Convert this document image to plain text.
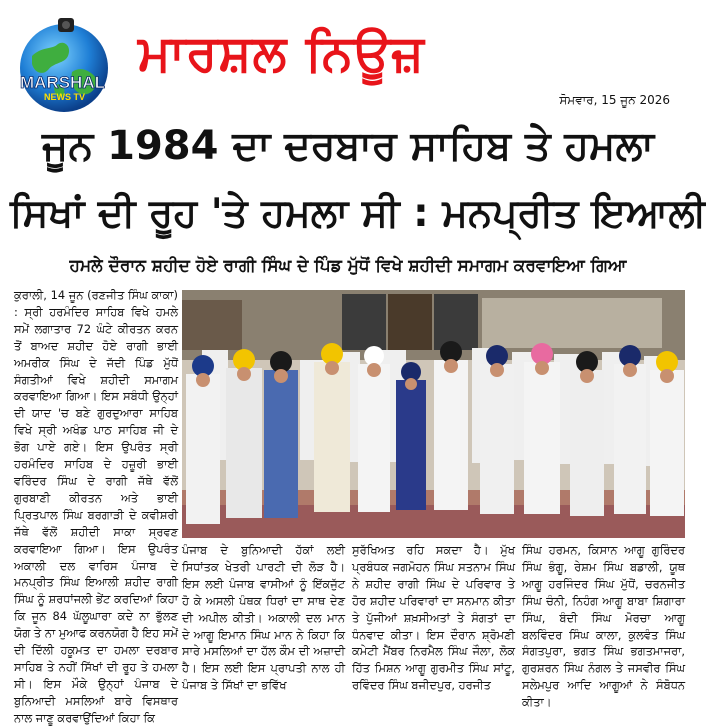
MARSHAL
NEWS TV
ਮਾਰਸ਼ਲ ਨਿਊਜ਼
ਸੋਮਵਾਰ, 15 ਜੂਨ 2026
ਜੂਨ 1984 ਦਾ ਦਰਬਾਰ ਸਾਹਿਬ ਤੇ ਹਮਲਾ
ਸਿਖਾਂ ਦੀ ਰੂਹ 'ਤੇ ਹਮਲਾ ਸੀ : ਮਨਪ੍ਰੀਤ ਇਆਲੀ
ਹਮਲੇ ਦੌਰਾਨ ਸ਼ਹੀਦ ਹੋਏ ਰਾਗੀ ਸਿੰਘ ਦੇ ਪਿੰਡ ਮੁੱਧੋਂ ਵਿਖੇ ਸ਼ਹੀਦੀ ਸਮਾਗਮ ਕਰਵਾਇਆ ਗਿਆ

ਕੁਰਾਲੀ, 14 ਜੂਨ (ਰਣਜੀਤ ਸਿੰਘ ਕਾਕਾ) : ਸ੍ਰੀ ਹਰਮੰਦਿਰ ਸਾਹਿਬ ਵਿਖੇ ਹਮਲੇ ਸਮੇਂ ਲਗਾਤਾਰ 72 ਘੰਟੇ ਕੀਰਤਨ ਕਰਨ ਤੋਂ ਬਾਅਦ ਸ਼ਹੀਦ ਹੋਏ ਰਾਗੀ ਭਾਈ ਅਮਰੀਕ ਸਿੰਘ ਦੇ ਜੱਦੀ ਪਿੰਡ ਮੁੱਧੋਂ ਸੰਗਤੀਆਂ ਵਿਖੇ ਸ਼ਹੀਦੀ ਸਮਾਗਮ ਕਰਵਾਇਆ ਗਿਆ। ਇਸ ਸਬੰਧੀ ਉਨ੍ਹਾਂ ਦੀ ਯਾਦ 'ਚ ਬਣੇ ਗੁਰਦੁਆਰਾ ਸਾਹਿਬ ਵਿਖੇ ਸ੍ਰੀ ਅਖੰਡ ਪਾਠ ਸਾਹਿਬ ਜੀ ਦੇ ਭੋਗ ਪਾਏ ਗਏ। ਇਸ ਉਪਰੰਤ ਸ੍ਰੀ ਹਰਮੰਦਿਰ ਸਾਹਿਬ ਦੇ ਹਜ਼ੂਰੀ ਭਾਈ ਵਰਿੰਦਰ ਸਿੰਘ ਦੇ ਰਾਗੀ ਜੱਥੇ ਵੱਲੋਂ ਗੁਰਬਾਣੀ ਕੀਰਤਨ ਅਤੇ ਭਾਈ ਪ੍ਰਿਤਪਾਲ ਸਿੰਘ ਬਰਗਾੜੀ ਦੇ ਕਵੀਸ਼ਰੀ ਜੱਥੇ ਵੱਲੋਂ ਸ਼ਹੀਦੀ ਸਾਕਾ ਸ੍ਰਵਣ ਕਰਵਾਇਆ ਗਿਆ। ਇਸ ਉਪਰੰਤ ਅਕਾਲੀ ਦਲ ਵਾਰਿਸ ਪੰਜਾਬ ਦੇ ਮਨਪ੍ਰੀਤ ਸਿੰਘ ਇਆਲੀ ਸ਼ਹੀਦ ਰਾਗੀ ਸਿੰਘ ਨੂੰ ਸ਼ਰਧਾਂਜਲੀ ਭੇਂਟ ਕਰਦਿਆਂ ਕਿਹਾ ਕਿ ਜੂਨ 84 ਘੱਲੂਘਾਰਾ ਕਦੇ ਨਾ ਭੁੱਲਣ ਯੋਗ ਤੇ ਨਾ ਮੁਆਫ ਕਰਨਯੋਗ ਹੈ ਇਹ ਸਮੇਂ ਦੀ ਦਿੱਲੀ ਹਕੂਮਤ ਦਾ ਹਮਲਾ ਦਰਬਾਰ ਸਾਹਿਬ ਤੇ ਨਹੀਂ ਸਿੱਖਾਂ ਦੀ ਰੂਹ ਤੇ ਹਮਲਾ ਸੀ। ਇਸ ਮੌਕੇ ਉਨ੍ਹਾਂ ਪੰਜਾਬ ਦੇ ਬੁਨਿਆਦੀ ਮਸਲਿਆਂ ਬਾਰੇ ਵਿਸਥਾਰ ਨਾਲ ਜਾਣੂ ਕਰਵਾਉਂਦਿਆਂ ਕਿਹਾ ਕਿ

ਪੰਜਾਬ ਦੇ ਬੁਨਿਆਦੀ ਹੱਕਾਂ ਲਈ ਸਿਧਾਂਤਕ ਖੇਤਰੀ ਪਾਰਟੀ ਦੀ ਲੋੜ ਹੈ। ਇਸ ਲਈ ਪੰਜਾਬ ਵਾਸੀਆਂ ਨੂੰ ਇੱਕਜੁੱਟ ਹੋ ਕੇ ਅਸਲੀ ਪੰਥਕ ਧਿਰਾਂ ਦਾ ਸਾਥ ਦੇਣ ਦੀ ਅਪੀਲ ਕੀਤੀ। ਅਕਾਲੀ ਦਲ ਮਾਨ ਦੇ ਆਗੂ ਇਮਾਨ ਸਿੰਘ ਮਾਨ ਨੇ ਕਿਹਾ ਕਿ ਸਾਰੇ ਮਸਲਿਆਂ ਦਾ ਹੱਲ ਕੌਮ ਦੀ ਅਜ਼ਾਦੀ ਹੈ। ਇਸ ਲਈ ਇਸ ਪ੍ਰਾਪਤੀ ਨਾਲ ਹੀ ਪੰਜਾਬ ਤੇ ਸਿੱਖਾਂ ਦਾ ਭਵਿੱਖ
ਸੁਰੱਖਿਅਤ ਰਹਿ ਸਕਦਾ ਹੈ। ਮੁੱਖ ਪ੍ਰਬੰਧਕ ਜਗਮੋਹਨ ਸਿੰਘ ਸਤਨਾਮ ਸਿੰਘ ਨੇ ਸ਼ਹੀਦ ਰਾਗੀ ਸਿੰਘ ਦੇ ਪਰਿਵਾਰ ਤੇ ਹੋਰ ਸ਼ਹੀਦ ਪਰਿਵਾਰਾਂ ਦਾ ਸਨਮਾਨ ਕੀਤਾ ਤੇ ਪੁੱਜੀਆਂ ਸ਼ਖ਼ਸੀਅਤਾਂ ਤੇ ਸੰਗਤਾਂ ਦਾ ਧੰਨਵਾਦ ਕੀਤਾ। ਇਸ ਦੌਰਾਨ ਸ਼੍ਰੋਮਣੀ ਕਮੇਟੀ ਮੈਂਬਰ ਨਿਰਮੈਲ ਸਿੰਘ ਜੌਲਾ, ਲੋਕ ਹਿੱਤ ਮਿਸ਼ਨ ਆਗੂ ਗੁਰਮੀਤ ਸਿੰਘ ਸਾਂਟੂ, ਰਵਿੰਦਰ ਸਿੰਘ ਬਜੀਦਪੁਰ, ਹਰਜੀਤ
ਸਿੰਘ ਹਰਮਨ, ਕਿਸਾਨ ਆਗੂ ਗੁਰਿੰਦਰ ਸਿੰਘ ਭੰਗੂ, ਰੇਸ਼ਮ ਸਿੰਘ ਬਡਾਲੀ, ਯੂਥ ਆਗੂ ਹਰਜਿੰਦਰ ਸਿੰਘ ਮੁੱਧੋਂ, ਚਰਨਜੀਤ ਸਿੰਘ ਚੰਨੀ, ਨਿਹੰਗ ਆਗੂ ਬਾਬਾ ਸ਼ਿਗਾਰਾ ਸਿੰਘ, ਬੰਦੀ ਸਿੰਘ ਮੋਰਚਾ ਆਗੂ ਬਲਵਿੰਦਰ ਸਿੰਘ ਕਾਲਾ, ਕੁਲਵੰਤ ਸਿੰਘ ਸੰਗਤਪੁਰਾ, ਭਗਤ ਸਿੰਘ ਭਗਤਮਾਜਰਾ, ਗੁਰਸ਼ਰਨ ਸਿੰਘ ਨੰਗਲ ਤੇ ਜਸਵੀਰ ਸਿੰਘ ਸਲੇਮਪੁਰ ਆਦਿ ਆਗੂਆਂ ਨੇ ਸੰਬੋਧਨ ਕੀਤਾ।
